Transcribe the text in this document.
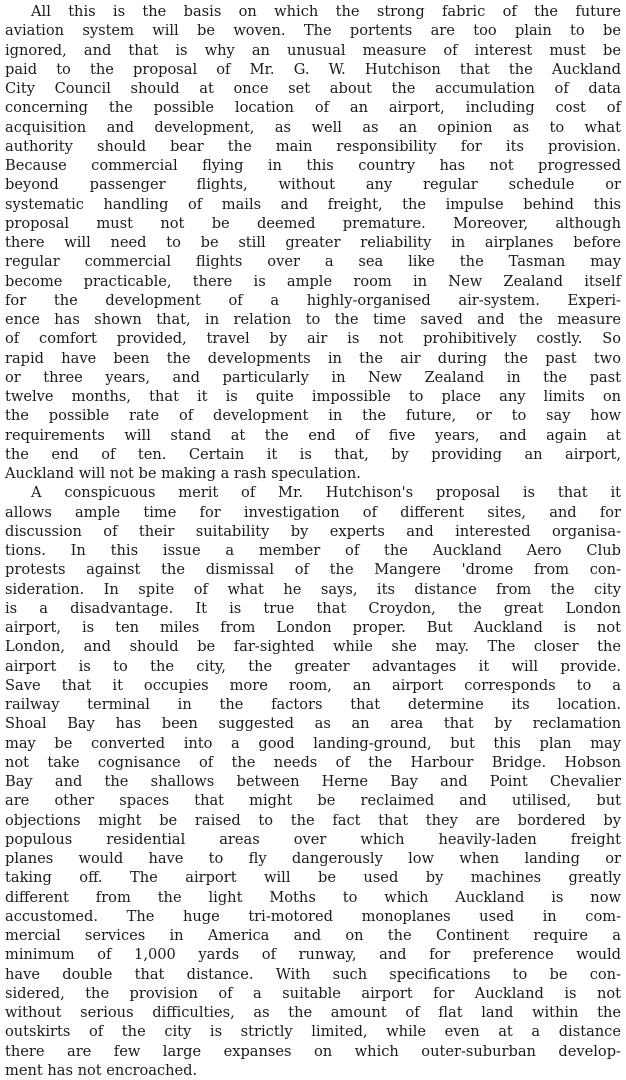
All this is the basis on which the strong fabric of the future
aviation system will be woven. The portents are too plain to be
ignored, and that is why an unusual measure of interest must be
paid to the proposal of Mr. G. W. Hutchison that the Auckland
City Council should at once set about the accumulation of data
concerning the possible location of an airport, including cost of
acquisition and development, as well as an opinion as to what
authority should bear the main responsibility for its provision.
Because commercial flying in this country has not progressed
beyond passenger flights, without any regular schedule or
systematic handling of mails and freight, the impulse behind this
proposal must not be deemed premature. Moreover, although
there will need to be still greater reliability in airplanes before
regular commercial flights over a sea like the Tasman may
become practicable, there is ample room in New Zealand itself
for the development of a highly-organised air-system. Experi-
ence has shown that, in relation to the time saved and the measure
of comfort provided, travel by air is not prohibitively costly. So
rapid have been the developments in the air during the past two
or three years, and particularly in New Zealand in the past
twelve months, that it is quite impossible to place any limits on
the possible rate of development in the future, or to say how
requirements will stand at the end of five years, and again at
the end of ten. Certain it is that, by providing an airport,
Auckland will not be making a rash speculation.
A conspicuous merit of Mr. Hutchison's proposal is that it
allows ample time for investigation of different sites, and for
discussion of their suitability by experts and interested organisa-
tions. In this issue a member of the Auckland Aero Club
protests against the dismissal of the Mangere 'drome from con-
sideration. In spite of what he says, its distance from the city
is a disadvantage. It is true that Croydon, the great London
airport, is ten miles from London proper. But Auckland is not
London, and should be far-sighted while she may. The closer the
airport is to the city, the greater advantages it will provide.
Save that it occupies more room, an airport corresponds to a
railway terminal in the factors that determine its location.
Shoal Bay has been suggested as an area that by reclamation
may be converted into a good landing-ground, but this plan may
not take cognisance of the needs of the Harbour Bridge. Hobson
Bay and the shallows between Herne Bay and Point Chevalier
are other spaces that might be reclaimed and utilised, but
objections might be raised to the fact that they are bordered by
populous residential areas over which heavily-laden freight
planes would have to fly dangerously low when landing or
taking off. The airport will be used by machines greatly
different from the light Moths to which Auckland is now
accustomed. The huge tri-motored monoplanes used in com-
mercial services in America and on the Continent require a
minimum of 1,000 yards of runway, and for preference would
have double that distance. With such specifications to be con-
sidered, the provision of a suitable airport for Auckland is not
without serious difficulties, as the amount of flat land within the
outskirts of the city is strictly limited, while even at a distance
there are few large expanses on which outer-suburban develop-
ment has not encroached.
